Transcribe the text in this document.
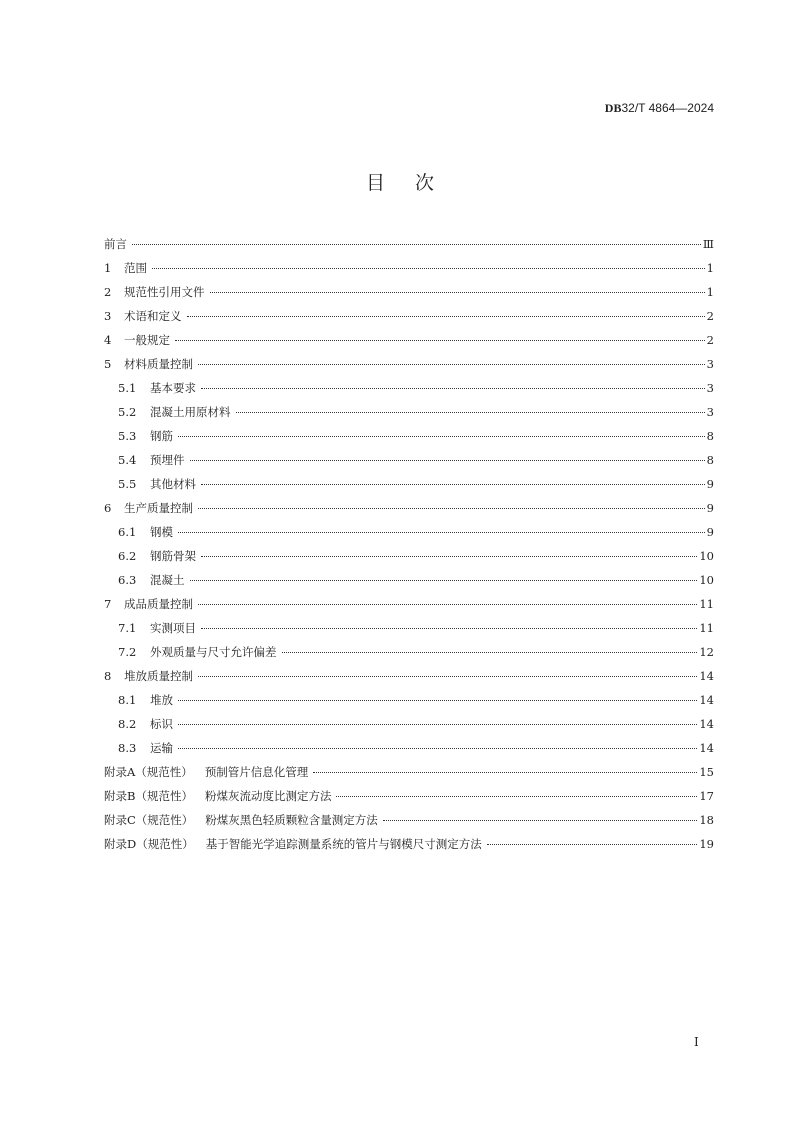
DB32/T 4864—2024
目次
前言	Ⅲ
1	范围	1
2	规范性引用文件	1
3	术语和定义	2
4	一般规定	2
5	材料质量控制	3
5.1	基本要求	3
5.2	混凝土用原材料	3
5.3	钢筋	8
5.4	预埋件	8
5.5	其他材料	9
6	生产质量控制	9
6.1	钢模	9
6.2	钢筋骨架	10
6.3	混凝土	10
7	成品质量控制	11
7.1	实测项目	11
7.2	外观质量与尺寸允许偏差	12
8	堆放质量控制	14
8.1	堆放	14
8.2	标识	14
8.3	运输	14
附录A（规范性）	预制管片信息化管理	15
附录B（规范性）	粉煤灰流动度比测定方法	17
附录C（规范性）	粉煤灰黑色轻质颗粒含量测定方法	18
附录D（规范性）	基于智能光学追踪测量系统的管片与钢模尺寸测定方法	19
I
